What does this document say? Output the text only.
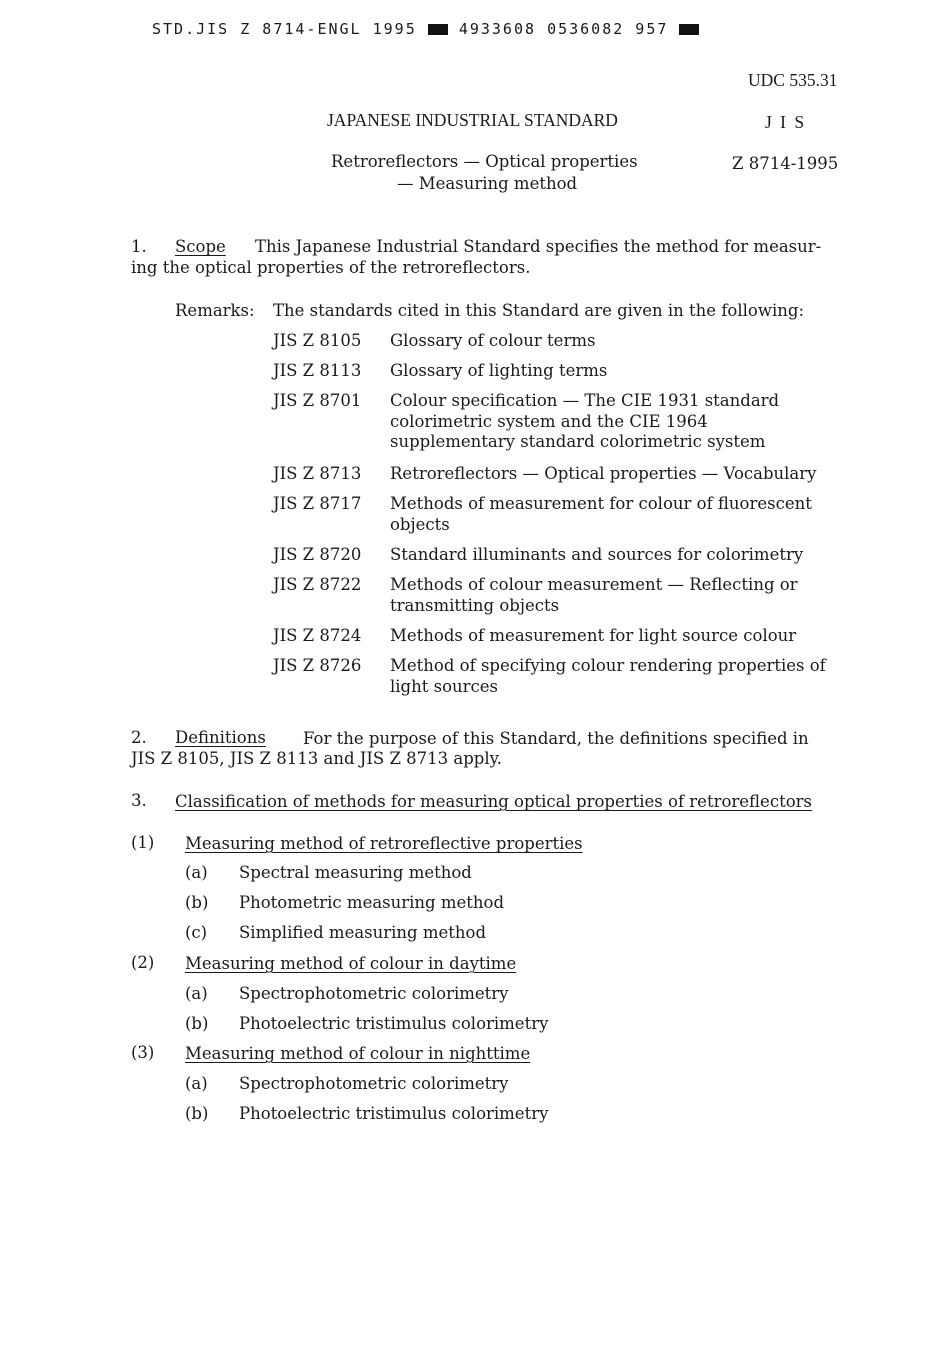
STD.JIS Z 8714-ENGL 1995	4933608 0536082 957
UDC 535.31
JAPANESE INDUSTRIAL STANDARD	J I S
Retroreflectors — Optical properties
— Measuring method
Z 8714-1995
1. Scope This Japanese Industrial Standard specifies the method for measur-
ing the optical properties of the retroreflectors.
Remarks: The standards cited in this Standard are given in the following:
JIS Z 8105 Glossary of colour terms
JIS Z 8113 Glossary of lighting terms
JIS Z 8701 Colour specification — The CIE 1931 standard colorimetric system and the CIE 1964 supplementary standard colorimetric system
JIS Z 8713 Retroreflectors — Optical properties — Vocabulary
JIS Z 8717 Methods of measurement for colour of fluorescent objects
JIS Z 8720 Standard illuminants and sources for colorimetry
JIS Z 8722 Methods of colour measurement — Reflecting or transmitting objects
JIS Z 8724 Methods of measurement for light source colour
JIS Z 8726 Method of specifying colour rendering properties of light sources
2. Definitions For the purpose of this Standard, the definitions specified in
JIS Z 8105, JIS Z 8113 and JIS Z 8713 apply.
3. Classification of methods for measuring optical properties of retroreflectors
(1) Measuring method of retroreflective properties
(a) Spectral measuring method
(b) Photometric measuring method
(c) Simplified measuring method
(2) Measuring method of colour in daytime
(a) Spectrophotometric colorimetry
(b) Photoelectric tristimulus colorimetry
(3) Measuring method of colour in nighttime
(a) Spectrophotometric colorimetry
(b) Photoelectric tristimulus colorimetry
